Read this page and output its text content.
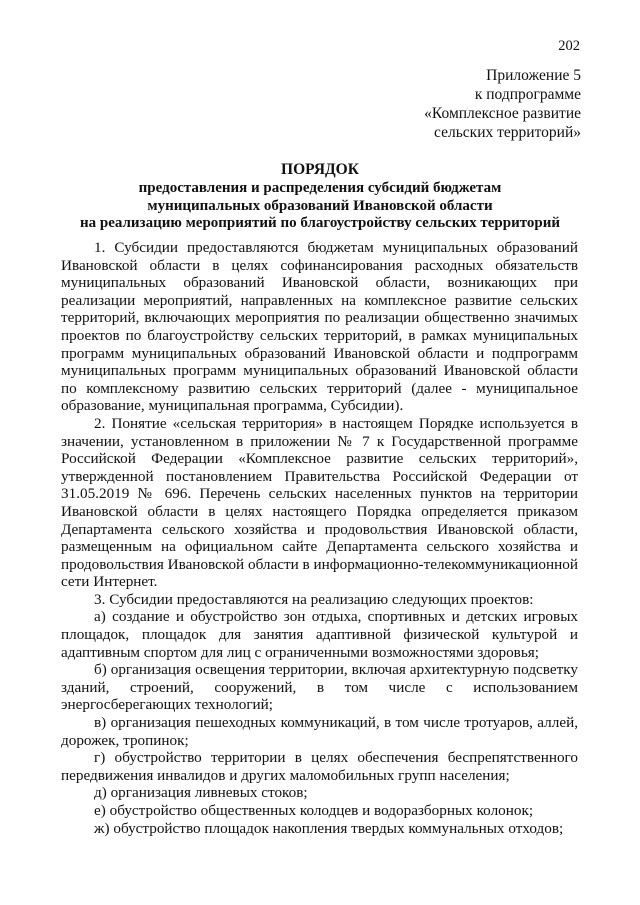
202
Приложение 5
к подпрограмме
«Комплексное развитие
сельских территорий»
ПОРЯДОК
предоставления и распределения субсидий бюджетам
муниципальных образований Ивановской области
на реализацию мероприятий по благоустройству сельских территорий

1. Субсидии предоставляются бюджетам муниципальных образований Ивановской области в целях софинансирования расходных обязательств муниципальных образований Ивановской области, возникающих при реализации мероприятий, направленных на комплексное развитие сельских территорий, включающих мероприятия по реализации общественно значимых проектов по благоустройству сельских территорий, в рамках муниципальных программ муниципальных образований Ивановской области и подпрограмм муниципальных программ муниципальных образований Ивановской области по комплексному развитию сельских территорий (далее - муниципальное образование, муниципальная программа, Субсидии).

2. Понятие «сельская территория» в настоящем Порядке используется в значении, установленном в приложении № 7 к Государственной программе Российской Федерации «Комплексное развитие сельских территорий», утвержденной постановлением Правительства Российской Федерации от 31.05.2019 № 696. Перечень сельских населенных пунктов на территории Ивановской области в целях настоящего Порядка определяется приказом Департамента сельского хозяйства и продовольствия Ивановской области, размещенным на официальном сайте Департамента сельского хозяйства и продовольствия Ивановской области в информационно-телекоммуникационной сети Интернет.

3. Субсидии предоставляются на реализацию следующих проектов:

а) создание и обустройство зон отдыха, спортивных и детских игровых площадок, площадок для занятия адаптивной физической культурой и адаптивным спортом для лиц с ограниченными возможностями здоровья;

б) организация освещения территории, включая архитектурную подсветку зданий, строений, сооружений, в том числе с использованием энергосберегающих технологий;

в) организация пешеходных коммуникаций, в том числе тротуаров, аллей, дорожек, тропинок;

г) обустройство территории в целях обеспечения беспрепятственного передвижения инвалидов и других маломобильных групп населения;

д) организация ливневых стоков;

е) обустройство общественных колодцев и водоразборных колонок;

ж) обустройство площадок накопления твердых коммунальных отходов;
